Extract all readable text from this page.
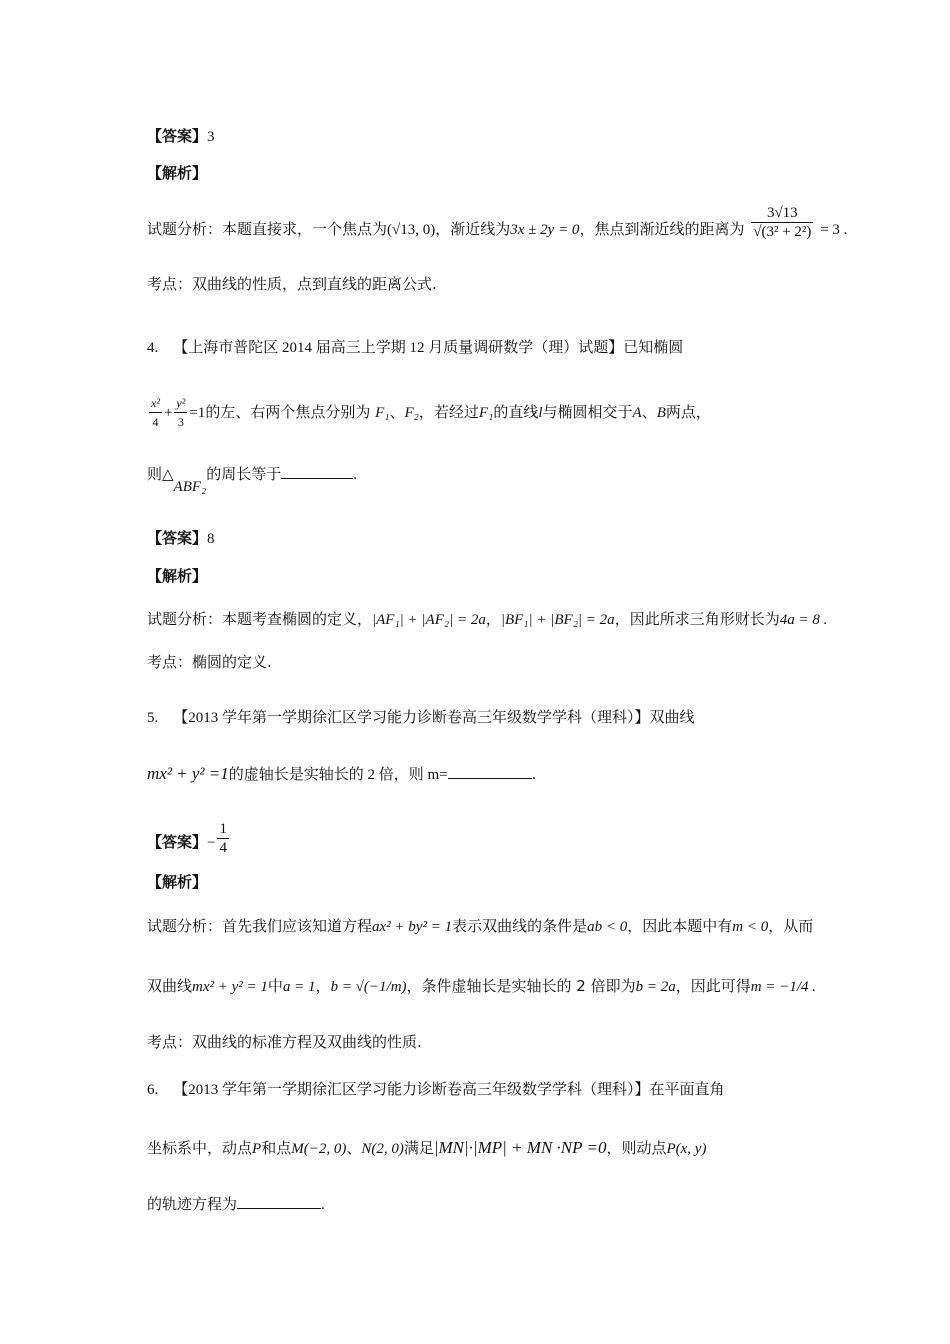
【答案】3
【解析】
试题分析：本题直接求，一个焦点为(√13, 0)，渐近线为3x ± 2y = 0，焦点到渐近线的距离为 $\frac{3√13}{\text{√(3² + 2²)}} = 3$ .
考点：双曲线的性质，点到直线的距离公式.
4. 【上海市普陀区 2014 届高三上学期 12 月质量调研数学（理）试题】已知椭圆
$\frac{\text{x²}}{4} + \frac{\text{y²}}{3} =1$的左、右两个焦点分别为 F₁、F₂，若经过F₁的直线l与椭圆相交于A、B两点，
则△ABF₂的周长等于	.
【答案】8
【解析】
试题分析：本题考查椭圆的定义，|AF₁| + |AF₂| = 2a，|BF₁| + |BF₂| = 2a，因此所求三角形财长为4a = 8 .
考点：椭圆的定义.
5. 【2013 学年第一学期徐汇区学习能力诊断卷高三年级数学学科（理科）】双曲线
mx² + y² =1的虚轴长是实轴长的 2 倍，则 m=	.
【答案】− $\frac{1}{4}$
【解析】
试题分析：首先我们应该知道方程ax² + by² = 1表示双曲线的条件是ab < 0，因此本题中有m < 0，从而
双曲线mx² + y² = 1中a = 1，b = √(−1/m)，条件虚轴长是实轴长的 2 倍即为b = 2a，因此可得m = −1/4 .
考点：双曲线的标准方程及双曲线的性质.
6. 【2013 学年第一学期徐汇区学习能力诊断卷高三年级数学学科（理科）】在平面直角
坐标系中，动点P和点M(−2, 0)、N(2, 0)满足|MN|·|MP| + MN ·NP =0，则动点P(x, y)
的轨迹方程为	.
